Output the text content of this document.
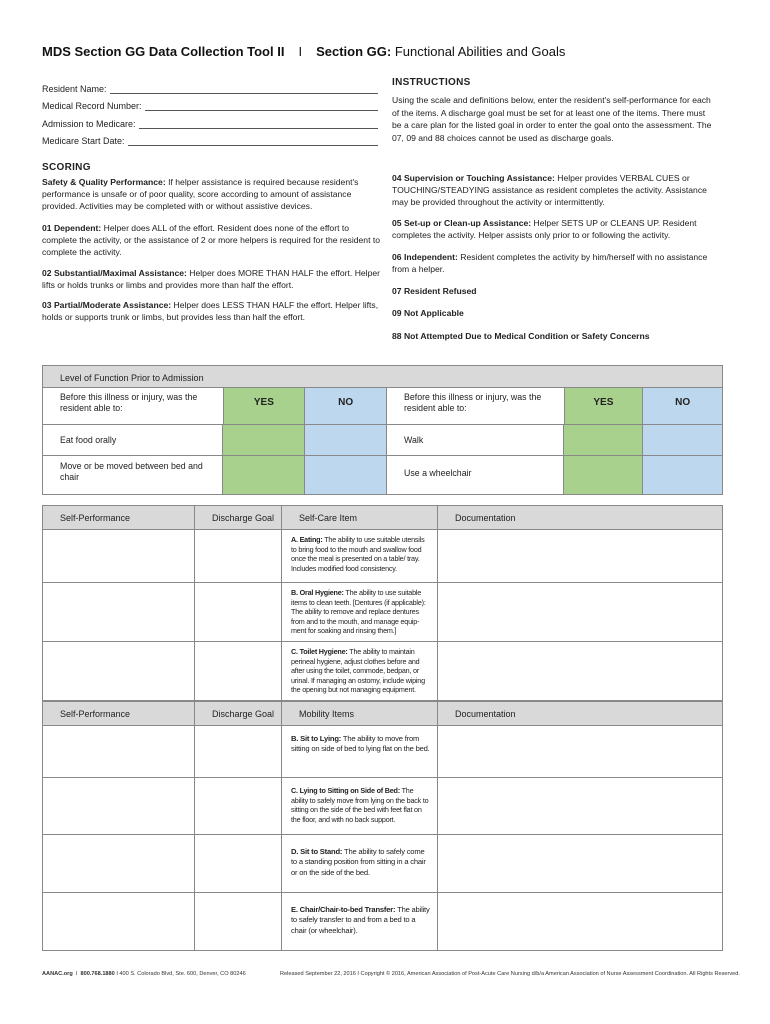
MDS Section GG Data Collection Tool II I Section GG: Functional Abilities and Goals
Resident Name:
Medical Record Number:
Admission to Medicare:
Medicare Start Date:
INSTRUCTIONS
Using the scale and definitions below, enter the resident's self-performance for each of the items. A discharge goal must be set for at least one of the items. There must be a care plan for the listed goal in order to enter the goal onto the assessment. The 07, 09 and 88 choices cannot be used as discharge goals.
SCORING
Safety & Quality Performance: If helper assistance is required because resident's performance is unsafe or of poor quality, score according to amount of assistance provided. Activities may be completed with or without assistive devices.
01 Dependent: Helper does ALL of the effort. Resident does none of the effort to complete the activity, or the assistance of 2 or more helpers is required for the resident to complete the activity.
02 Substantial/Maximal Assistance: Helper does MORE THAN HALF the effort. Helper lifts or holds trunks or limbs and provides more than half the effort.
03 Partial/Moderate Assistance: Helper does LESS THAN HALF the effort. Helper lifts, holds or supports trunk or limbs, but provides less than half the effort.
04 Supervision or Touching Assistance: Helper provides VERBAL CUES or TOUCHING/STEADYING assistance as resident completes the activity. Assistance may be provided throughout the activity or intermittently.
05 Set-up or Clean-up Assistance: Helper SETS UP or CLEANS UP. Resident completes the activity. Helper assists only prior to or following the activity.
06 Independent: Resident completes the activity by him/herself with no assistance from a helper.
07 Resident Refused
09 Not Applicable
88 Not Attempted Due to Medical Condition or Safety Concerns
Level of Function Prior to Admission
Before this illness or injury, was the resident able to:	YES	NO	Before this illness or injury, was the resident able to:	YES	NO
Eat food orally	Walk
Move or be moved between bed and chair	Use a wheelchair
Self-Performance	Discharge Goal	Self-Care Item	Documentation
A. Eating: The ability to use suitable utensils to bring food to the mouth and swallow food once the meal is presented on a table/ tray. Includes modified food consistency.
B. Oral Hygiene: The ability to use suitable items to clean teeth. [Dentures (if applicable): The ability to remove and replace dentures from and to the mouth, and manage equip- ment for soaking and rinsing them.]
C. Toilet Hygiene: The ability to maintain perineal hygiene, adjust clothes before and after using the toilet, commode, bedpan, or urinal. If managing an ostomy, include wiping the opening but not managing equipment.
Self-Performance	Discharge Goal	Mobility Items	Documentation
B. Sit to Lying: The ability to move from sitting on side of bed to lying flat on the bed.
C. Lying to Sitting on Side of Bed: The ability to safely move from lying on the back to sitting on the side of the bed with feet flat on the floor, and with no back support.
D. Sit to Stand: The ability to safely come to a standing position from sitting in a chair or on the side of the bed.
E. Chair/Chair-to-bed Transfer: The ability to safely transfer to and from a bed to a chair (or wheelchair).
AANAC.org  I  800.768.1880 I 400 S. Colorado Blvd, Ste. 600, Denver, CO 80246	Released September 22, 2016 I Copyright © 2016, American Association of Post-Acute Care Nursing d/b/a American Association of Nurse Assessment Coordination. All Rights Reserved.
